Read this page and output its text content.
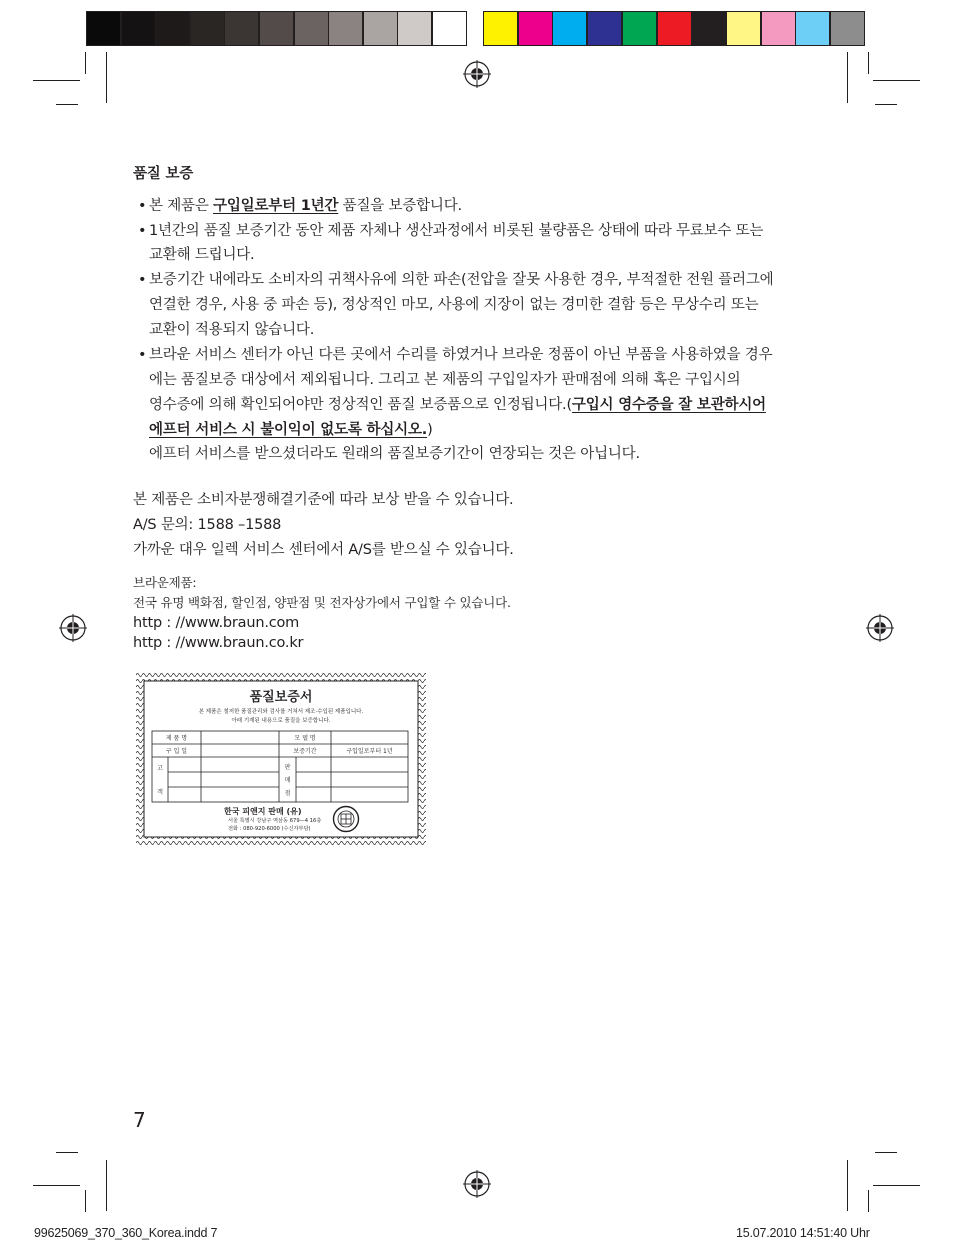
품질 보증
• 본 제품은 구입일로부터 1년간 품질을 보증합니다.
• 1년간의 품질 보증기간 동안 제품 자체나 생산과정에서 비롯된 불량품은 상태에 따라 무료보수 또는
교환해 드립니다.
• 보증기간 내에라도 소비자의 귀책사유에 의한 파손(전압을 잘못 사용한 경우, 부적절한 전원 플러그에
연결한 경우, 사용 중 파손 등), 정상적인 마모, 사용에 지장이 없는 경미한 결함 등은 무상수리 또는
교환이 적용되지 않습니다.
• 브라운 서비스 센터가 아닌 다른 곳에서 수리를 하였거나 브라운 정품이 아닌 부품을 사용하였을 경우
에는 품질보증 대상에서 제외됩니다. 그리고 본 제품의 구입일자가 판매점에 의해 혹은 구입시의
영수증에 의해 확인되어야만 정상적인 품질 보증품으로 인정됩니다.(구입시 영수증을 잘 보관하시어
에프터 서비스 시 불이익이 없도록 하십시오.)
에프터 서비스를 받으셨더라도 원래의 품질보증기간이 연장되는 것은 아닙니다.
본 제품은 소비자분쟁해결기준에 따라 보상 받을 수 있습니다.
A/S 문의: 1588 –1588
가까운 대우 일렉 서비스 센터에서 A/S를 받으실 수 있습니다.
브라운제품:
전국 유명 백화점, 할인점, 양판점 및 전자상가에서 구입할 수 있습니다.
http : //www.braun.com
http : //www.braun.co.kr
품질보증서
본 제품은 철저한 품질관리와 검사를 거쳐서 제조·수입된 제품입니다.
아래 기재된 내용으로 품질을 보증합니다.
제 품 명	모 델 명
구 입 일	보증기간	구입일로부터 1년
고
객
판
매
점
한국 피앤지 판매 (유)
서울 특별시 강남구 역삼동 679—4 16층
전화 : 080-920-6000 (수신자부담)
7
99625069_370_360_Korea.indd 7	15.07.2010 14:51:40 Uhr
